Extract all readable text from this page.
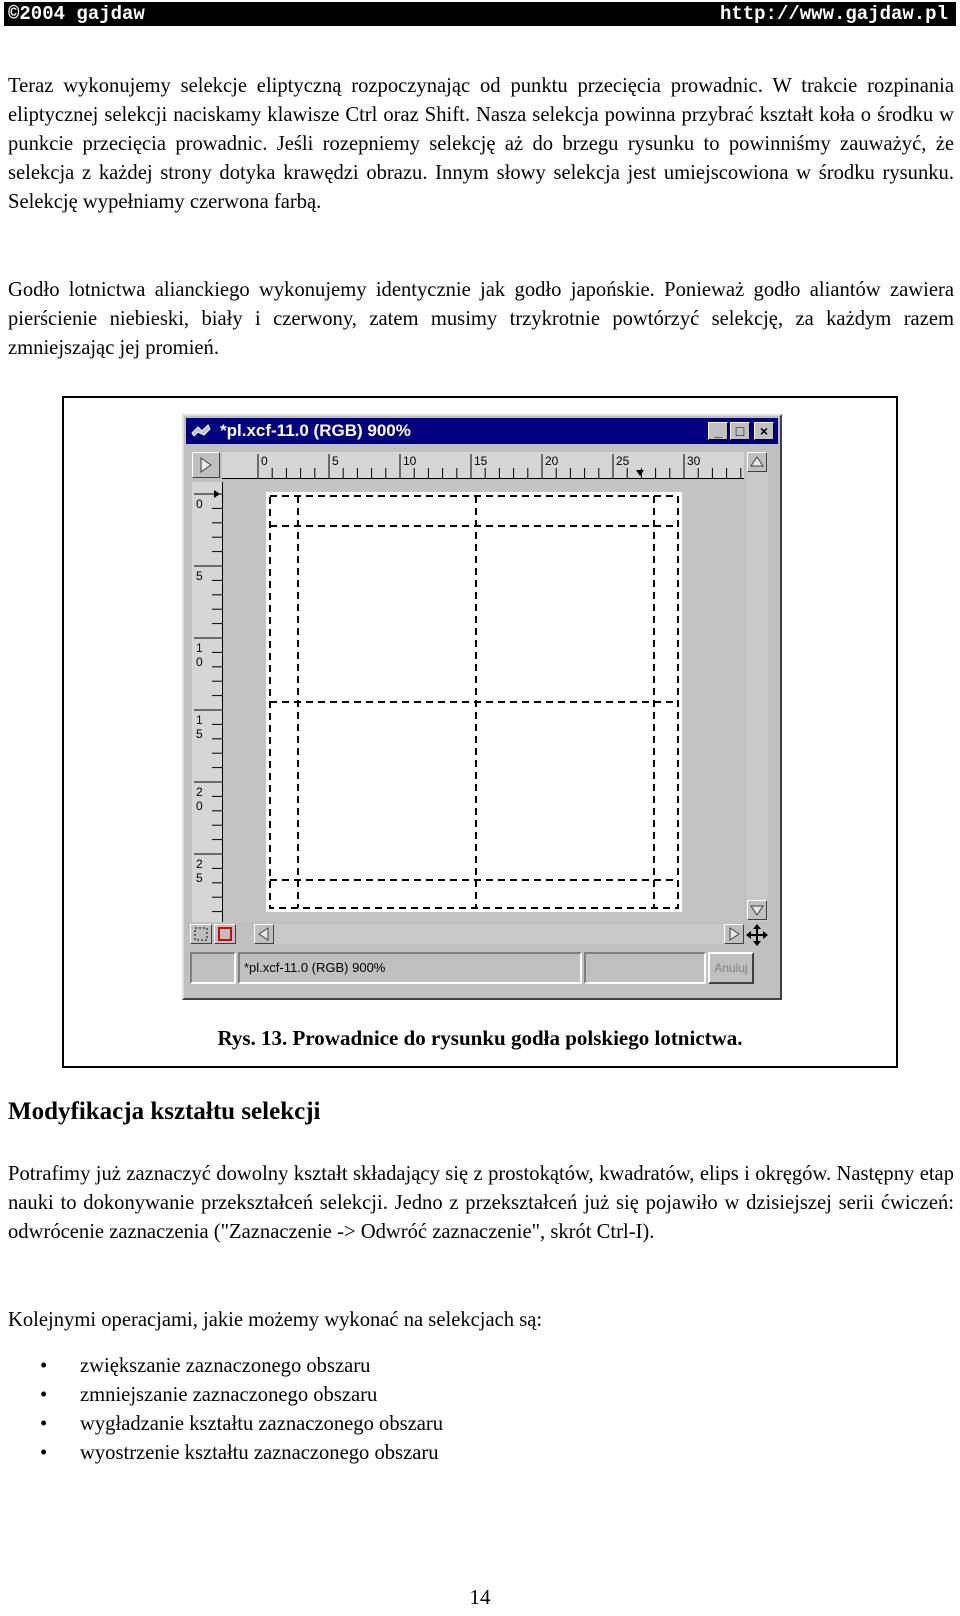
©2004 gajdaw	http://www.gajdaw.pl

Teraz wykonujemy selekcje eliptyczną rozpoczynając od punktu przecięcia prowadnic. W trakcie rozpinania eliptycznej selekcji naciskamy klawisze Ctrl oraz Shift. Nasza selekcja powinna przybrać kształt koła o środku w punkcie przecięcia prowadnic. Jeśli rozepniemy selekcję aż do brzegu rysunku to powinniśmy zauważyć, że selekcja z każdej strony dotyka krawędzi obrazu. Innym słowy selekcja jest umiejscowiona w środku rysunku. Selekcję wypełniamy czerwona farbą.

Godło lotnictwa alianckiego wykonujemy identycznie jak godło japońskie. Ponieważ godło aliantów zawiera pierścienie niebieski, biały i czerwony, zatem musimy trzykrotnie powtórzyć selekcję, za każdym razem zmniejszając jej promień.

*pl.xcf-11.0 (RGB) 900%	_ □	×
0	5	10	15	20	25	30
0
5
1
0
1
5
2
0
2
5
*pl.xcf-11.0 (RGB) 900%	Anuluj
Rys. 13. Prowadnice do rysunku godła polskiego lotnictwa.
Modyfikacja kształtu selekcji

Potrafimy już zaznaczyć dowolny kształt składający się z prostokątów, kwadratów, elips i okręgów. Następny etap nauki to dokonywanie przekształceń selekcji. Jedno z przekształceń już się pojawiło w dzisiejszej serii ćwiczeń: odwrócenie zaznaczenia ("Zaznaczenie -> Odwróć zaznaczenie", skrót Ctrl-I).

Kolejnymi operacjami, jakie możemy wykonać na selekcjach są:

• zwiększanie zaznaczonego obszaru
• zmniejszanie zaznaczonego obszaru
• wygładzanie kształtu zaznaczonego obszaru
• wyostrzenie kształtu zaznaczonego obszaru
14
